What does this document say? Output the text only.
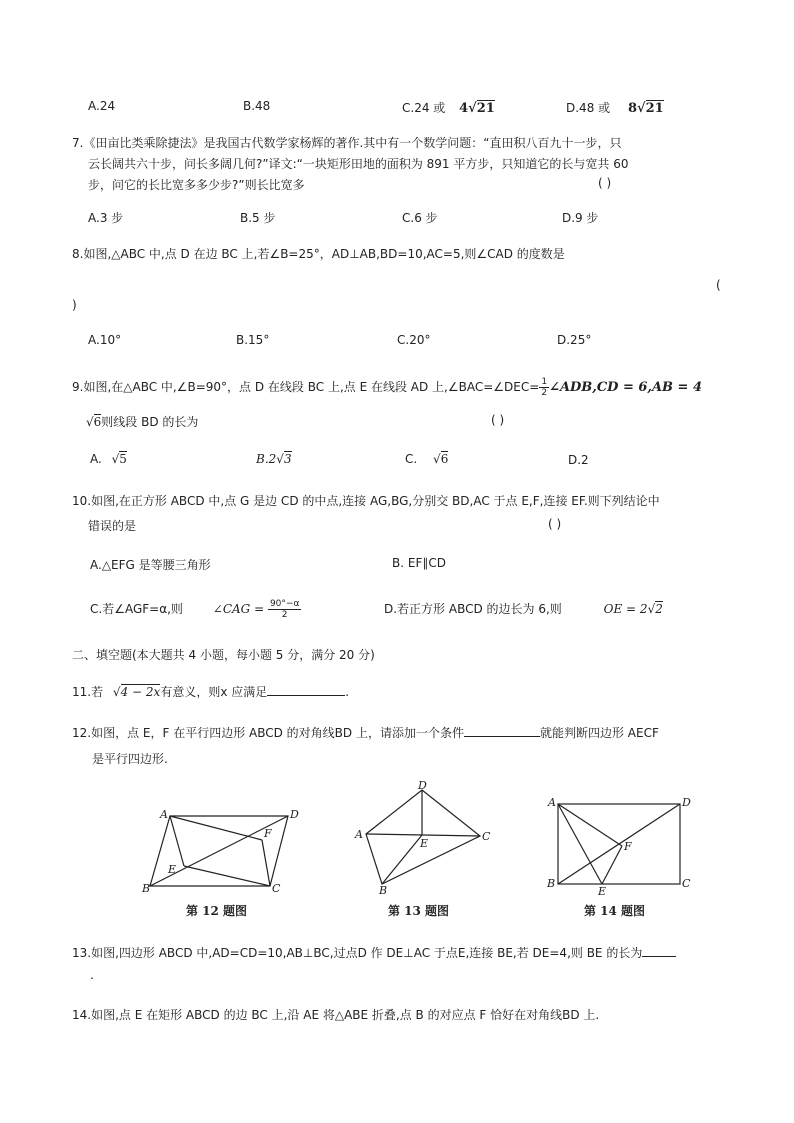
A.24	B.48	C.24 或 4√21	D.48 或 8√21
7.《田亩比类乘除捷法》是我国古代数学家杨辉的著作.其中有一个数学问题：“直田积八百九十一步，只
云长阔共六十步，问长多阔几何?”译文:“一块矩形田地的面积为 891 平方步，只知道它的长与宽共 60
步，问它的长比宽多多少步?”则长比宽多	( )
A.3 步	B.5 步	C.6 步	D.9 步
8.如图,△ABC 中,点 D 在边 BC 上,若∠B=25°，AD⊥AB,BD=10,AC=5,则∠CAD 的度数是
(
)
A.10°	B.15°	C.20°	D.25°
9.如图,在△ABC 中,∠B=90°，点 D 在线段 BC 上,点 E 在线段 AD 上,∠BAC=∠DEC= $\frac{1}{2}$ ∠ADB,CD = 6,AB = 4
√6则线段 BD 的长为	( )
A. √5	B.2√3	C. √6	D.2
10.如图,在正方形 ABCD 中,点 G 是边 CD 的中点,连接 AG,BG,分别交 BD,AC 于点 E,F,连接 EF.则下列结论中
错误的是	( )
A.△EFG 是等腰三角形	B. EF∥CD
C.若∠AGF=α,则 ∠CAG = $\frac{90^\circ-\alpha}{2}$	D.若正方形 ABCD 的边长为 6,则	OE = 2√2
二、填空题(本大题共 4 小题，每小题 5 分，满分 20 分)
11.若 √4 − 2x有意义，则x 应满足	.
12.如图，点 E，F 在平行四边形 ABCD 的对角线BD 上，请添加一个条件	就能判断四边形 AECF
是平行四边形.
A
B	C
D
E
F
第 12 题图
D
A	C
E
B
第 13 题图
A	D
B	C
E
F
第 14 题图
13.如图,四边形 ABCD 中,AD=CD=10,AB⊥BC,过点D 作 DE⊥AC 于点E,连接 BE,若 DE=4,则 BE 的长为
.
14.如图,点 E 在矩形 ABCD 的边 BC 上,沿 AE 将△ABE 折叠,点 B 的对应点 F 恰好在对角线BD 上.
